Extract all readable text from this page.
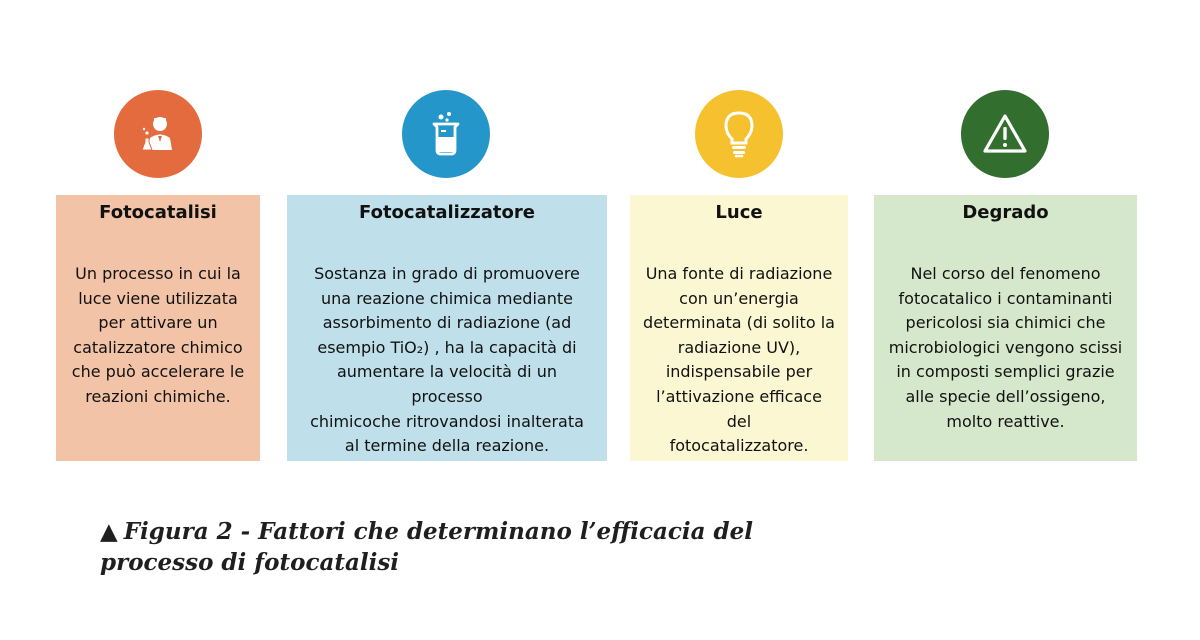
Fotocatalisi
Un processo in cui la
luce viene utilizzata
per attivare un
catalizzatore chimico
che può accelerare le
reazioni chimiche.
Fotocatalizzatore
Sostanza in grado di promuovere
una reazione chimica mediante
assorbimento di radiazione (ad
esempio TiO₂) , ha la capacità di
aumentare la velocità di un processo
chimicoche ritrovandosi inalterata
al termine della reazione.
Luce
Una fonte di radiazione
con un’energia
determinata (di solito la
radiazione UV),
indispensabile per
l’attivazione efficace del
fotocatalizzatore.
Degrado
Nel corso del fenomeno
fotocatalico i contaminanti
pericolosi sia chimici che
microbiologici vengono scissi
in composti semplici grazie
alle specie dell’ossigeno,
molto reattive.
▲ Figura 2 - Fattori che determinano l’efficacia del
processo di fotocatalisi
